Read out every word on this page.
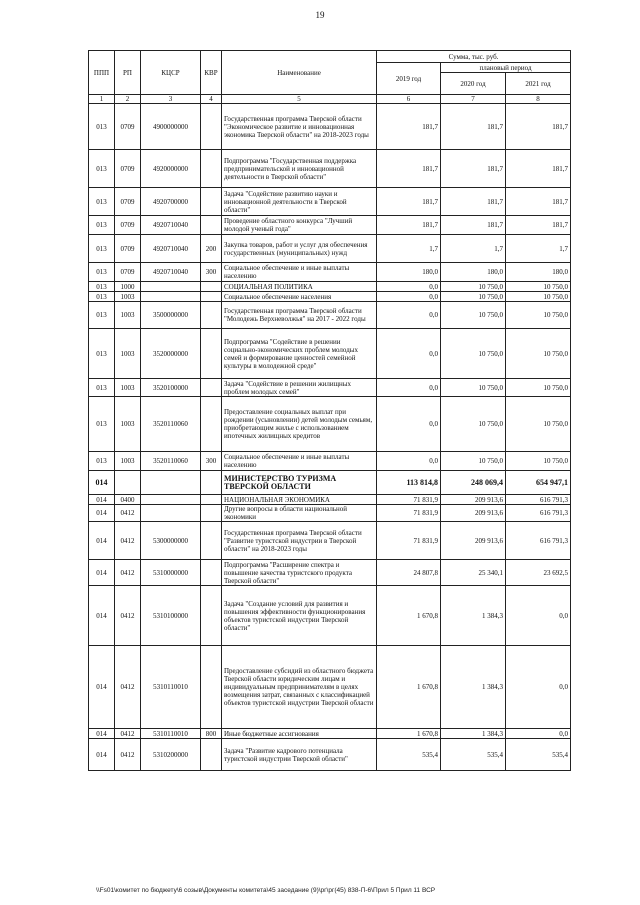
19
ППП	РП	КЦСР	КВР	Наименование	Сумма, тыс. руб.		
					2019 год	плановый период	
						2020 год	2021 год
1	2	3	4	5	6	7	8
013	0709	4900000000		Государственная программа Тверской области "Экономическое развитие и инновационная экономика Тверской области" на 2018-2023 годы	181,7	181,7	181,7
013	0709	4920000000		Подпрограмма "Государственная поддержка предпринимательской и инновационной деятельности в Тверской области"	181,7	181,7	181,7
013	0709	4920700000		Задача "Содействие развитию науки и инновационной деятельности в Тверской области"	181,7	181,7	181,7
013	0709	4920710040		Проведение областного конкурса "Лучший молодой ученый года"	181,7	181,7	181,7
013	0709	4920710040	200	Закупка товаров, работ и услуг для обеспечения государственных (муниципальных) нужд	1,7	1,7	1,7
013	0709	4920710040	300	Социальное обеспечение и иные выплаты населению	180,0	180,0	180,0
013	1000			СОЦИАЛЬНАЯ ПОЛИТИКА	0,0	10 750,0	10 750,0
013	1003			Социальное обеспечение населения	0,0	10 750,0	10 750,0
013	1003	3500000000		Государственная программа Тверской области "Молодежь Верхневолжья" на 2017 - 2022 годы	0,0	10 750,0	10 750,0
013	1003	3520000000		Подпрограмма "Содействие в решении социально-экономических проблем молодых семей и формирование ценностей семейной культуры в молодежной среде"	0,0	10 750,0	10 750,0
013	1003	3520100000		Задача "Содействие в решении жилищных проблем молодых семей"	0,0	10 750,0	10 750,0
013	1003	3520110060		Предоставление социальных выплат при рождении (усыновлении) детей молодым семьям, приобретающим жилье с использованием ипотечных жилищных кредитов	0,0	10 750,0	10 750,0
013	1003	3520110060	300	Социальное обеспечение и иные выплаты населению	0,0	10 750,0	10 750,0
014				МИНИСТЕРСТВО ТУРИЗМА ТВЕРСКОЙ ОБЛАСТИ	113 814,8	248 069,4	654 947,1
014	0400			НАЦИОНАЛЬНАЯ ЭКОНОМИКА	71 831,9	209 913,6	616 791,3
014	0412			Другие вопросы в области национальной экономики	71 831,9	209 913,6	616 791,3
014	0412	5300000000		Государственная программа Тверской области "Развитие туристской индустрии в Тверской области" на 2018-2023 годы	71 831,9	209 913,6	616 791,3
014	0412	5310000000		Подпрограмма "Расширение спектра и повышение качества туристского продукта Тверской области"	24 807,8	25 340,1	23 692,5
014	0412	5310100000		Задача "Создание условий для развития и повышения эффективности функционирования объектов туристской индустрии Тверской области"	1 670,8	1 384,3	0,0
014	0412	5310110010		Предоставление субсидий из областного бюджета Тверской области юридическим лицам и индивидуальным предпринимателям в целях возмещения затрат, связанных с классификацией объектов туристской индустрии Тверской области	1 670,8	1 384,3	0,0
014	0412	5310110010	800	Иные бюджетные ассигнования	1 670,8	1 384,3	0,0
014	0412	5310200000		Задача "Развитие кадрового потенциала туристской индустрии Тверской области"	535,4	535,4	535,4
\\Fs01\комитет по бюджету\6 созыв\Документы комитета\45 заседание (9)\рг\рг(45) 838-П-6\Прил 5 Прил 11 ВСР
